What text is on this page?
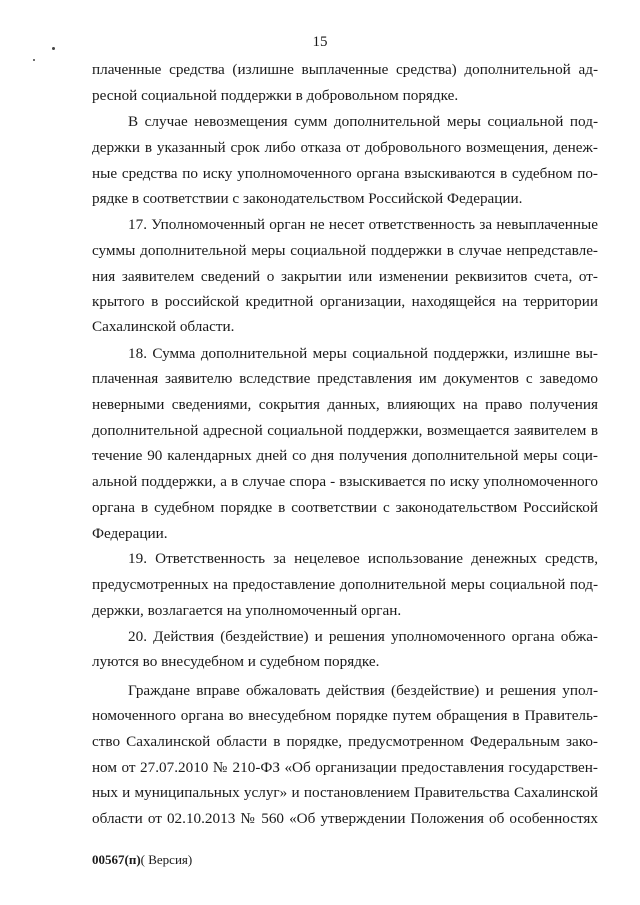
15
плаченные средства (излишне выплаченные средства) дополнительной ад-
ресной социальной поддержки в добровольном порядке.
В случае невозмещения сумм дополнительной меры социальной под-
держки в указанный срок либо отказа от добровольного возмещения, денеж-
ные средства по иску уполномоченного органа взыскиваются в судебном по-
рядке в соответствии с законодательством Российской Федерации.
17. Уполномоченный орган не несет ответственность за невыплаченные
суммы дополнительной меры социальной поддержки в случае непредставле-
ния заявителем сведений о закрытии или изменении реквизитов счета, от-
крытого в российской кредитной организации, находящейся на территории
Сахалинской области.
18. Сумма дополнительной меры социальной поддержки, излишне вы-
плаченная заявителю вследствие представления им документов с заведомо
неверными сведениями, сокрытия данных, влияющих на право получения
дополнительной адресной социальной поддержки, возмещается заявителем в
течение 90 календарных дней со дня получения дополнительной меры соци-
альной поддержки, а в случае спора - взыскивается по иску уполномоченного
органа в судебном порядке в соответствии с законодательством Российской
Федерации.
19. Ответственность за нецелевое использование денежных средств,
предусмотренных на предоставление дополнительной меры социальной под-
держки, возлагается на уполномоченный орган.
20. Действия (бездействие) и решения уполномоченного органа обжа-
луются во внесудебном и судебном порядке.
Граждане вправе обжаловать действия (бездействие) и решения упол-
номоченного органа во внесудебном порядке путем обращения в Правитель-
ство Сахалинской области в порядке, предусмотренном Федеральным зако-
ном от 27.07.2010 № 210-ФЗ «Об организации предоставления государствен-
ных и муниципальных услуг» и постановлением Правительства Сахалинской
области от 02.10.2013 № 560 «Об утверждении Положения об особенностях
00567(п)( Версия)
